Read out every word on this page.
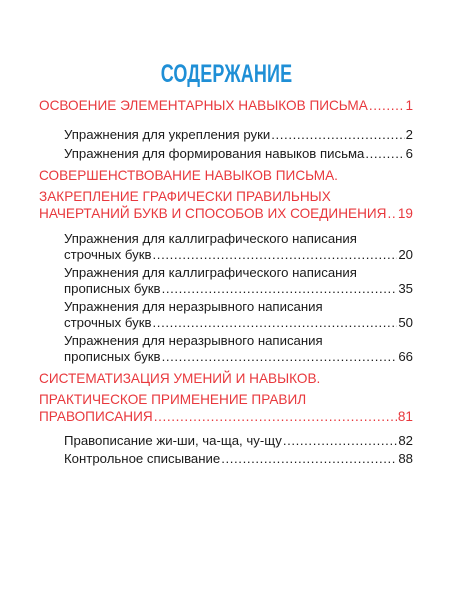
СОДЕРЖАНИЕ
ОСВОЕНИЕ ЭЛЕМЕНТАРНЫХ НАВЫКОВ ПИСЬМА .....	1
Упражнения для укрепления руки .....	2
Упражнения для формирования навыков письма .....	6
СОВЕРШЕНСТВОВАНИЕ НАВЫКОВ ПИСЬМА.
ЗАКРЕПЛЕНИЕ ГРАФИЧЕСКИ ПРАВИЛЬНЫХ
НАЧЕРТАНИЙ БУКВ И СПОСОБОВ ИХ СОЕДИНЕНИЯ ..... 19
Упражнения для каллиграфического написания
строчных букв .....	20
Упражнения для каллиграфического написания
прописных букв .....	35
Упражнения для неразрывного написания
строчных букв .....	50
Упражнения для неразрывного написания
прописных букв .....	66
СИСТЕМАТИЗАЦИЯ УМЕНИЙ И НАВЫКОВ.
ПРАКТИЧЕСКОЕ ПРИМЕНЕНИЕ ПРАВИЛ
ПРАВОПИСАНИЯ .....	81
Правописание жи-ши, ча-ща, чу-щу .....	82
Контрольное списывание .....	88
